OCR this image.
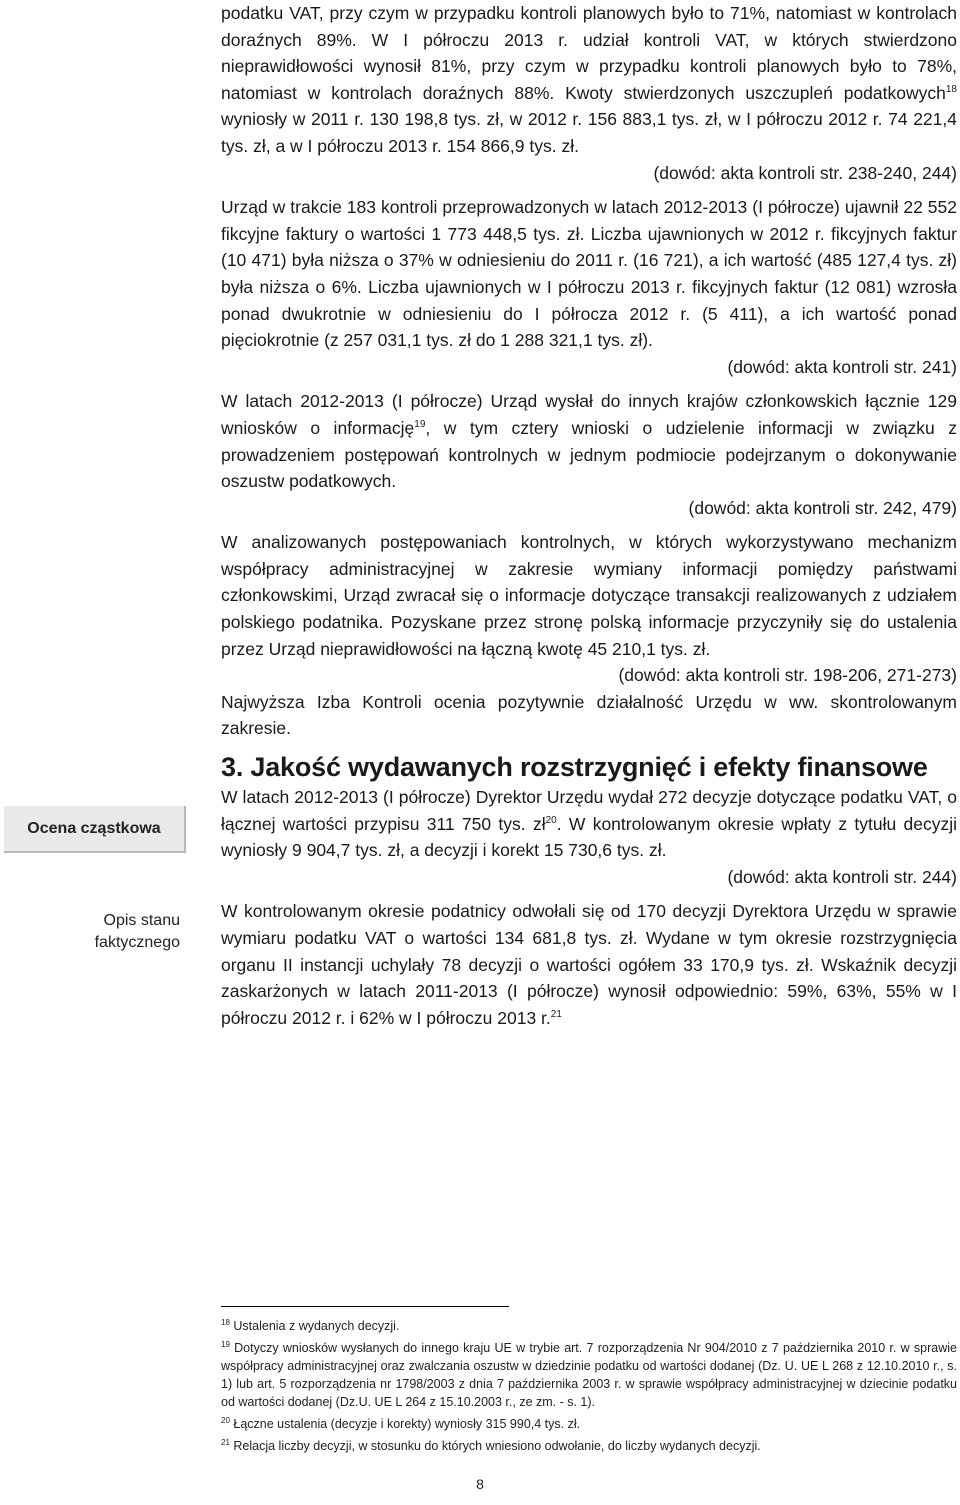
Ocena cząstkowa
Opis stanu
faktycznego

podatku VAT, przy czym w przypadku kontroli planowych było to 71%, natomiast w kontrolach doraźnych 89%. W I półroczu 2013 r. udział kontroli VAT, w których stwierdzono nieprawidłowości wynosił 81%, przy czym w przypadku kontroli planowych było to 78%, natomiast w kontrolach doraźnych 88%. Kwoty stwierdzonych uszczupleń podatkowych$^{18}$ wyniosły w 2011 r. 130 198,8 tys. zł, w 2012 r. 156 883,1 tys. zł, w I półroczu 2012 r. 74 221,4 tys. zł, a w I półroczu 2013 r. 154 866,9 tys. zł.

(dowód: akta kontroli str. 238-240, 244)

Urząd w trakcie 183 kontroli przeprowadzonych w latach 2012-2013 (I półrocze) ujawnił 22 552 fikcyjne faktury o wartości 1 773 448,5 tys. zł. Liczba ujawnionych w 2012 r. fikcyjnych faktur (10 471) była niższa o 37% w odniesieniu do 2011 r. (16 721), a ich wartość (485 127,4 tys. zł) była niższa o 6%. Liczba ujawnionych w I półroczu 2013 r. fikcyjnych faktur (12 081) wzrosła ponad dwukrotnie w odniesieniu do I półrocza 2012 r. (5 411), a ich wartość ponad pięciokrotnie (z 257 031,1 tys. zł do 1 288 321,1 tys. zł).

(dowód: akta kontroli str. 241)

W latach 2012-2013 (I półrocze) Urząd wysłał do innych krajów członkowskich łącznie 129 wniosków o informację$^{19}$, w tym cztery wnioski o udzielenie informacji w związku z prowadzeniem postępowań kontrolnych w jednym podmiocie podejrzanym o dokonywanie oszustw podatkowych.

(dowód: akta kontroli str. 242, 479)

W analizowanych postępowaniach kontrolnych, w których wykorzystywano mechanizm współpracy administracyjnej w zakresie wymiany informacji pomiędzy państwami członkowskimi, Urząd zwracał się o informacje dotyczące transakcji realizowanych z udziałem polskiego podatnika. Pozyskane przez stronę polską informacje przyczyniły się do ustalenia przez Urząd nieprawidłowości na łączną kwotę 45 210,1 tys. zł.

(dowód: akta kontroli str. 198-206, 271-273)

Najwyższa Izba Kontroli ocenia pozytywnie działalność Urzędu w ww. skontrolowanym zakresie.

3. Jakość wydawanych rozstrzygnięć i efekty finansowe

W latach 2012-2013 (I półrocze) Dyrektor Urzędu wydał 272 decyzje dotyczące podatku VAT, o łącznej wartości przypisu 311 750 tys. $zł^{20}$. W kontrolowanym okresie wpłaty z tytułu decyzji wyniosły 9 904,7 tys. zł, a decyzji i korekt 15 730,6 tys. zł.

(dowód: akta kontroli str. 244)

W kontrolowanym okresie podatnicy odwołali się od 170 decyzji Dyrektora Urzędu w sprawie wymiaru podatku VAT o wartości 134 681,8 tys. zł. Wydane w tym okresie rozstrzygnięcia organu II instancji uchylały 78 decyzji o wartości ogółem 33 170,9 tys. zł. Wskaźnik decyzji zaskarżonych w latach 2011-2013 (I półrocze) wynosił odpowiednio: 59%, 63%, 55% w I półroczu 2012 r. i 62% w I półroczu 2013 r.$^{21}$

$^{18}$ Ustalenia z wydanych decyzji.

$^{19}$ Dotyczy wniosków wysłanych do innego kraju UE w trybie art. 7 rozporządzenia Nr 904/2010 z 7 października 2010 r. w sprawie współpracy administracyjnej oraz zwalczania oszustw w dziedzinie podatku od wartości dodanej (Dz. U. UE L 268 z 12.10.2010 r., s. 1) lub art. 5 rozporządzenia nr 1798/2003 z dnia 7 października 2003 r. w sprawie współpracy administracyjnej w dziecinie podatku od wartości dodanej (Dz.U. UE L 264 z 15.10.2003 r., ze zm. - s. 1).

$^{20}$ Łączne ustalenia (decyzje i korekty) wyniosły 315 990,4 tys. zł.

$^{21}$ Relacja liczby decyzji, w stosunku do których wniesiono odwołanie, do liczby wydanych decyzji.

8
